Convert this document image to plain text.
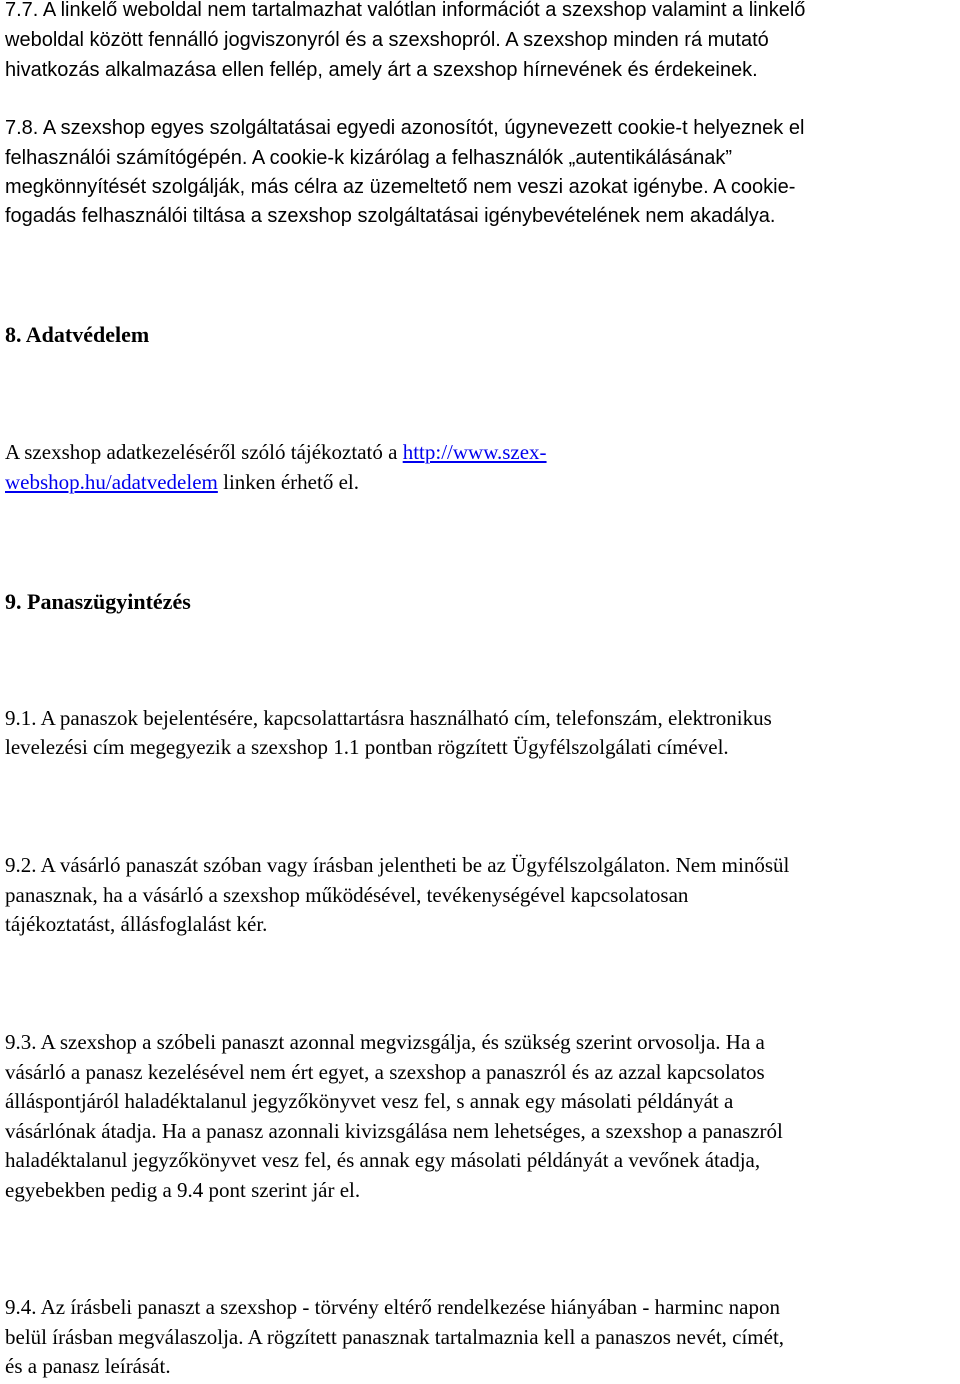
7.7. A linkelő weboldal nem tartalmazhat valótlan információt a szexshop valamint a linkelő
weboldal között fennálló jogviszonyról és a szexshopról. A szexshop minden rá mutató
hivatkozás alkalmazása ellen fellép, amely árt a szexshop hírnevének és érdekeinek.
7.8. A szexshop egyes szolgáltatásai egyedi azonosítót, úgynevezett cookie-t helyeznek el
felhasználói számítógépén. A cookie-k kizárólag a felhasználók „autentikálásának”
megkönnyítését szolgálják, más célra az üzemeltető nem veszi azokat igénybe. A cookie-
fogadás felhasználói tiltása a szexshop szolgáltatásai igénybevételének nem akadálya.
8. Adatvédelem
A szexshop adatkezeléséről szóló tájékoztató a http://www.szex-
webshop.hu/adatvedelem linken érhető el.
9. Panaszügyintézés
9.1. A panaszok bejelentésére, kapcsolattartásra használható cím, telefonszám, elektronikus
levelezési cím megegyezik a szexshop 1.1 pontban rögzített Ügyfélszolgálati címével.
9.2. A vásárló panaszát szóban vagy írásban jelentheti be az Ügyfélszolgálaton. Nem minősül
panasznak, ha a vásárló a szexshop működésével, tevékenységével kapcsolatosan
tájékoztatást, állásfoglalást kér.
9.3. A szexshop a szóbeli panaszt azonnal megvizsgálja, és szükség szerint orvosolja. Ha a
vásárló a panasz kezelésével nem ért egyet, a szexshop a panaszról és az azzal kapcsolatos
álláspontjáról haladéktalanul jegyzőkönyvet vesz fel, s annak egy másolati példányát a
vásárlónak átadja. Ha a panasz azonnali kivizsgálása nem lehetséges, a szexshop a panaszról
haladéktalanul jegyzőkönyvet vesz fel, és annak egy másolati példányát a vevőnek átadja,
egyebekben pedig a 9.4 pont szerint jár el.
9.4. Az írásbeli panaszt a szexshop - törvény eltérő rendelkezése hiányában - harminc napon
belül írásban megválaszolja. A rögzített panasznak tartalmaznia kell a panaszos nevét, címét,
és a panasz leírását.
